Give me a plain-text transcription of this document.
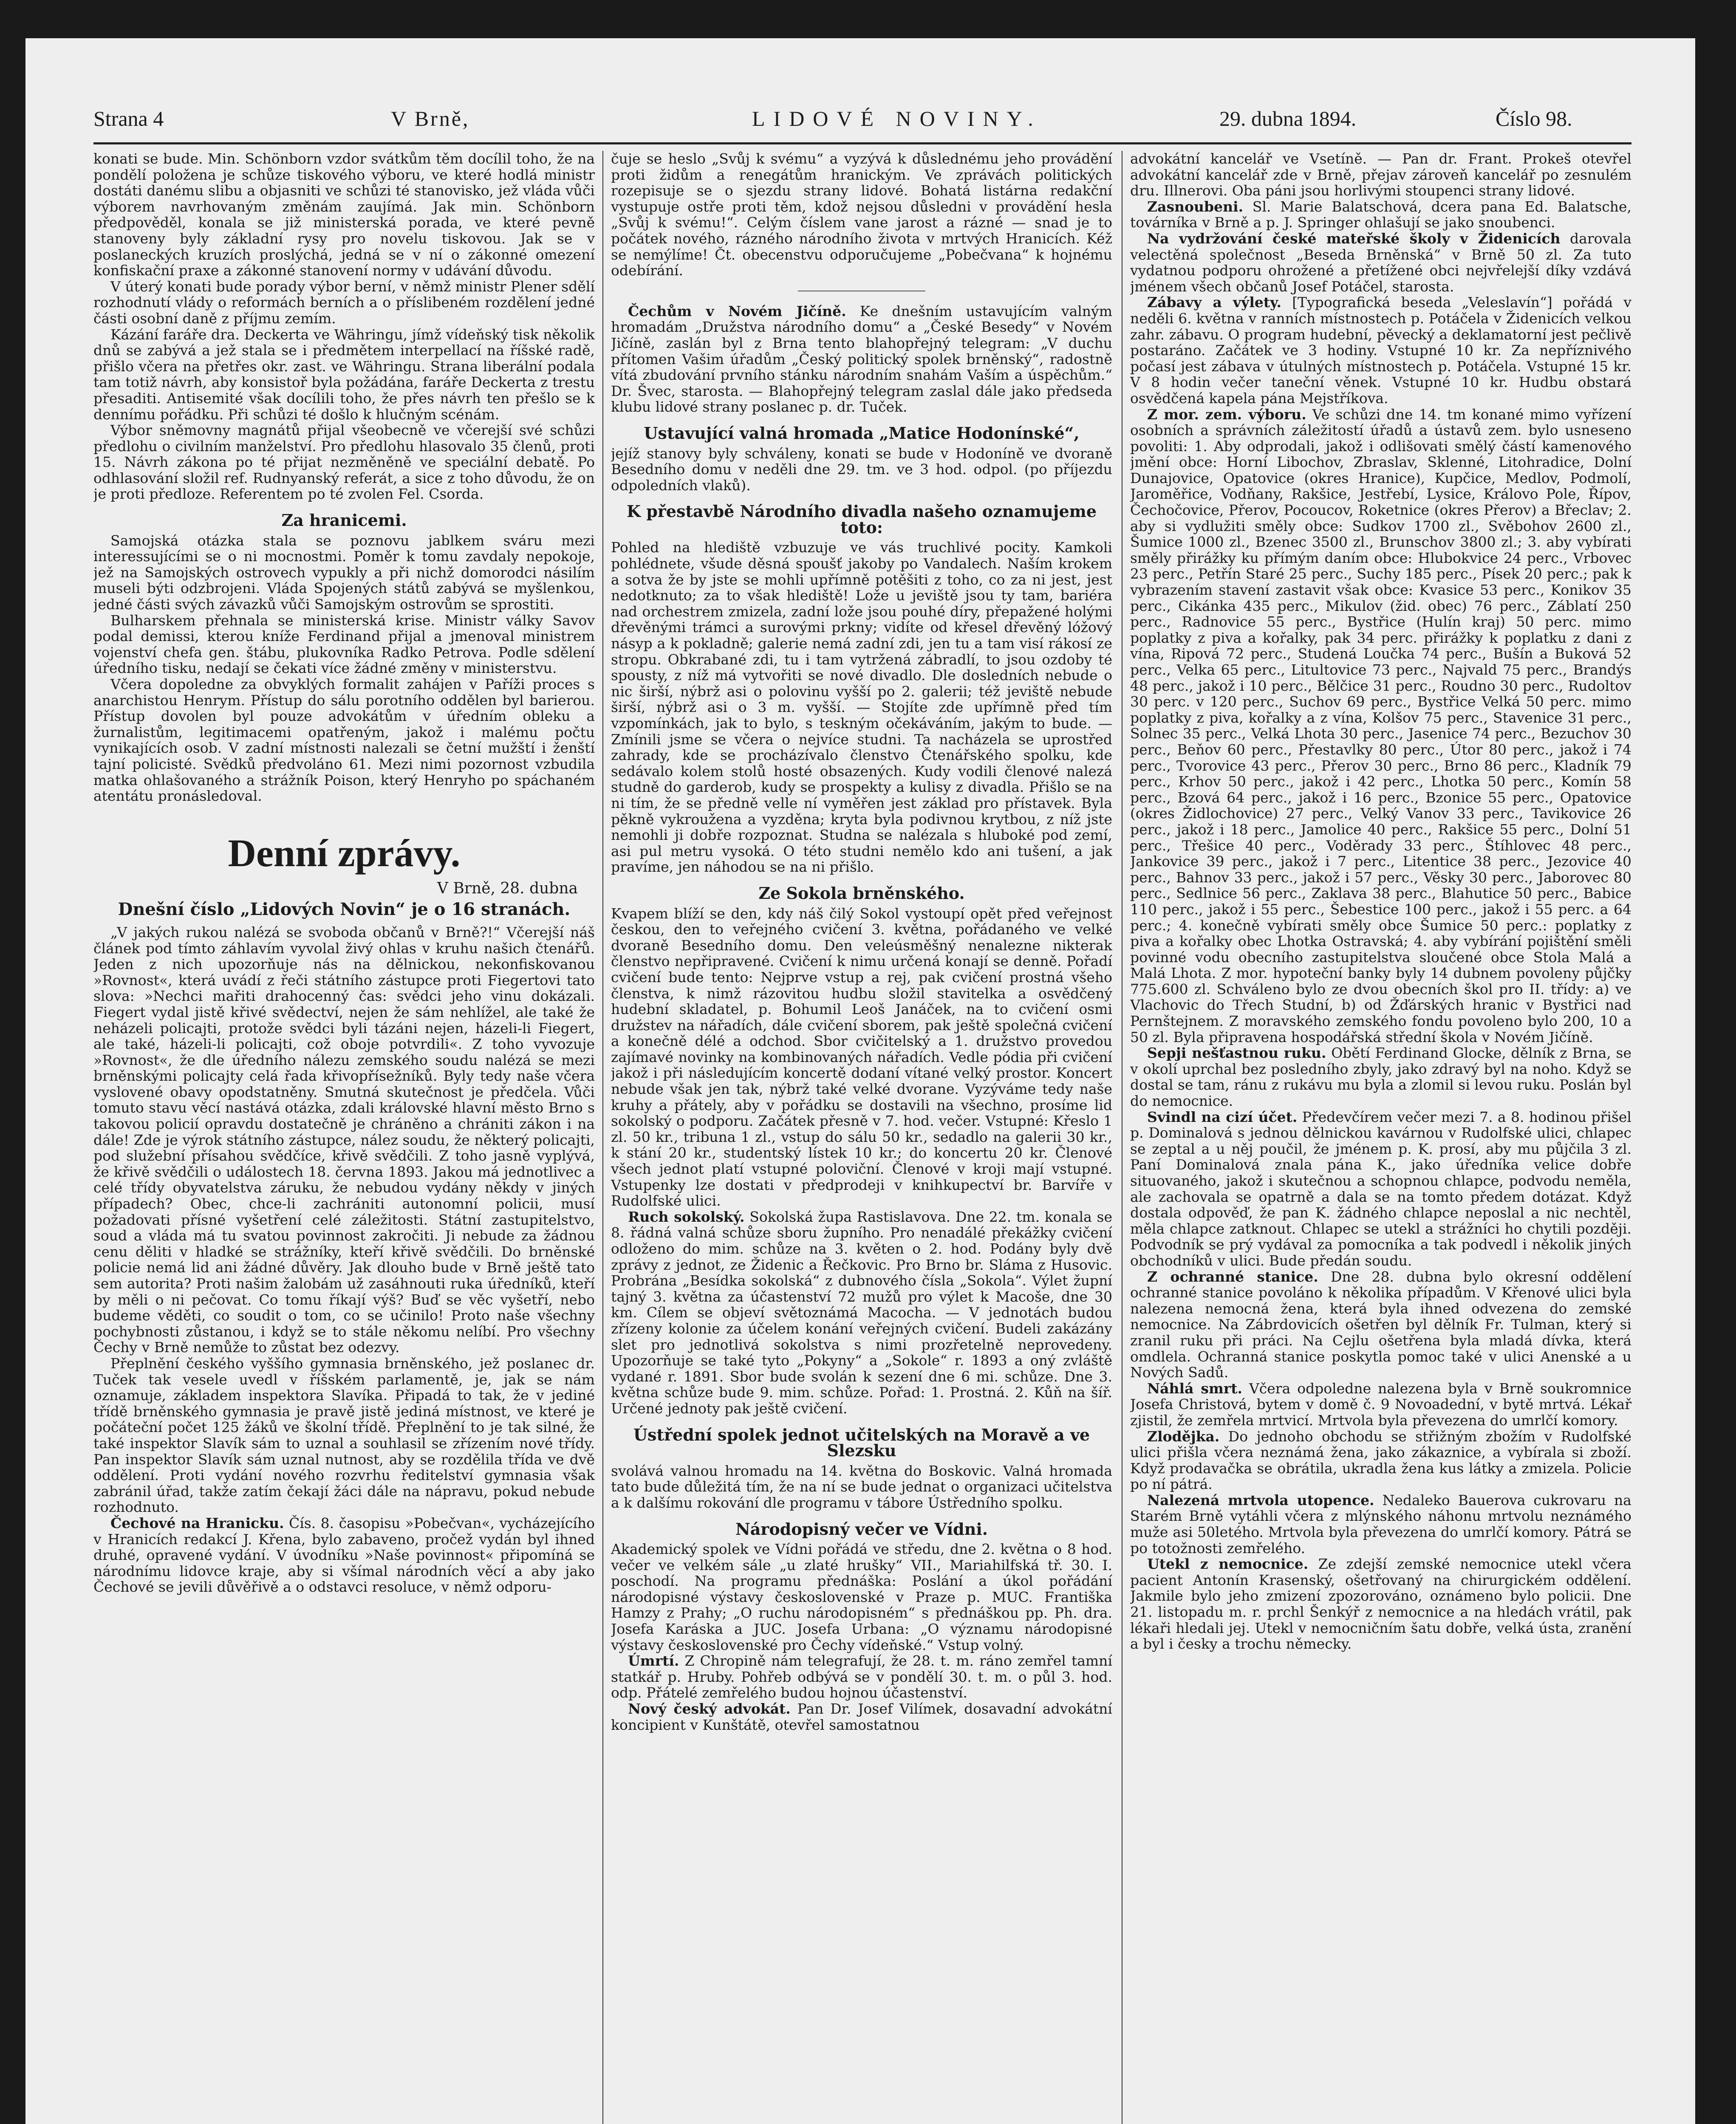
Strana 4	V Brně,	LIDOVÉ NOVINY.	29. dubna 1894.	Číslo 98.

konati se bude. Min. Schönborn vzdor svátkům těm docílil toho, že na pondělí položena je schůze tiskového výboru, ve které hodlá ministr dostáti danému slibu a objasniti ve schůzi té stanovisko, jež vláda vůči výborem navrhovaným změnám zaujímá. Jak min. Schönborn předpověděl, konala se již ministerská porada, ve které pevně stanoveny byly základní rysy pro novelu tiskovou. Jak se v poslaneckých kruzích proslýchá, jedná se v ní o zákonné omezení konfiskační praxe a zákonné stanovení normy v udávání důvodu.

V úterý konati bude porady výbor berní, v němž ministr Plener sdělí rozhodnutí vlády o reformách berních a o příslibeném rozdělení jedné části osobní daně z příjmu zemím.

Kázání faráře dra. Deckerta ve Währingu, jímž vídeňský tisk několik dnů se zabývá a jež stala se i předmětem interpellací na říšské radě, přišlo včera na přetřes okr. zast. ve Währingu. Strana liberální podala tam totiž návrh, aby konsistoř byla požádána, faráře Deckerta z trestu přesaditi. Antisemité však docílili toho, že přes návrh ten přešlo se k dennímu pořádku. Při schůzi té došlo k hlučným scénám.

Výbor sněmovny magnátů přijal všeobecně ve včerejší své schůzi předlohu o civilním manželství. Pro předlohu hlasovalo 35 členů, proti 15. Návrh zákona po té přijat nezměněně ve speciální debatě. Po odhlasování složil ref. Rudnyanský referát, a sice z toho důvodu, že on je proti předloze. Referentem po té zvolen Fel. Csorda.

Za hranicemi.

Samojská otázka stala se poznovu jablkem sváru mezi interessujícími se o ni mocnostmi. Poměr k tomu zavdaly nepokoje, jež na Samojských ostrovech vypukly a při nichž domorodci násilím museli býti odzbrojeni. Vláda Spojených států zabývá se myšlenkou, jedné části svých závazků vůči Samojským ostrovům se sprostiti.

Bulharskem přehnala se ministerská krise. Ministr války Savov podal demissi, kterou kníže Ferdinand přijal a jmenoval ministrem vojenství chefa gen. štábu, plukovníka Radko Petrova. Podle sdělení úředního tisku, nedají se čekati více žádné změny v ministerstvu.

Včera dopoledne za obvyklých formalit zahájen v Paříži proces s anarchistou Henrym. Přístup do sálu porotního oddělen byl barierou. Přístup dovolen byl pouze advokátům v úředním obleku a žurnalistům, legitimacemi opatřeným, jakož i malému počtu vynikajících osob. V zadní místnosti nalezali se četní mužští i ženští tajní policisté. Svědků předvoláno 61. Mezi nimi pozornost vzbudila matka ohlašovaného a strážník Poison, který Henryho po spáchaném atentátu pronásledoval.

Denní zprávy.
V Brně, 28. dubna
Dnešní číslo „Lidových Novin“ je o 16 stranách.

„V jakých rukou nalézá se svoboda občanů v Brně?!“ Včerejší náš článek pod tímto záhlavím vyvolal živý ohlas v kruhu našich čtenářů. Jeden z nich upozorňuje nás na dělnickou, nekonfiskovanou »Rovnost«, která uvádí z řeči státního zástupce proti Fiegertovi tato slova: »Nechci mařiti drahocenný čas: svědci jeho vinu dokázali. Fiegert vydal jistě křivé svědectví, nejen že sám nehlížel, ale také že neházeli policajti, protože svědci byli tázáni nejen, házeli-li Fiegert, ale také, házeli-li policajti, což oboje potvrdili«. Z toho vyvozuje »Rovnost«, že dle úředního nálezu zemského soudu nalézá se mezi brněnskými policajty celá řada křivopřísežníků. Byly tedy naše včera vyslovené obavy opodstatněny. Smutná skutečnost je předčela. Vůči tomuto stavu věcí nastává otázka, zdali královské hlavní město Brno s takovou policií opravdu dostatečně je chráněno a chrániti zákon i na dále! Zde je výrok státního zástupce, nález soudu, že některý policajti, pod služební přísahou svědčíce, křivě svědčili. Z toho jasně vyplývá, že křivě svědčili o událostech 18. června 1893. Jakou má jednotlivec a celé třídy obyvatelstva záruku, že nebudou vydány někdy v jiných případech? Obec, chce-li zachrániti autonomní policii, musí požadovati přísné vyšetření celé záležitosti. Státní zastupitelstvo, soud a vláda má tu svatou povinnost zakročiti. Ji nebude za žádnou cenu děliti v hladké se strážníky, kteří křivě svědčili. Do brněnské policie nemá lid ani žádné důvěry. Jak dlouho bude v Brně ještě tato sem autorita? Proti našim žalobám už zasáhnouti ruka úředníků, kteří by měli o ni pečovat. Co tomu říkají výš? Buď se věc vyšetří, nebo budeme věděti, co soudit o tom, co se učinilo! Proto naše všechny pochybnosti zůstanou, i když se to stále někomu nelíbí. Pro všechny Čechy v Brně nemůže to zůstat bez odezvy.

Přeplnění českého vyššího gymnasia brněnského, jež poslanec dr. Tuček tak vesele uvedl v říšském parlamentě, je, jak se nám oznamuje, základem inspektora Slavíka. Připadá to tak, že v jediné třídě brněnského gymnasia je pravě jistě jediná místnost, ve které je počáteční počet 125 žáků ve školní třídě. Přeplnění to je tak silné, že také inspektor Slavík sám to uznal a souhlasil se zřízením nové třídy. Pan inspektor Slavík sám uznal nutnost, aby se rozdělila třída ve dvě oddělení. Proti vydání nového rozvrhu ředitelství gymnasia však zabránil úřad, takže zatím čekají žáci dále na nápravu, pokud nebude rozhodnuto.

Čechové na Hranicku. Čís. 8. časopisu »Pobečvan«, vycházejícího v Hranicích redakcí J. Křena, bylo zabaveno, pročež vydán byl ihned druhé, opravené vydání. V úvodníku »Naše povinnost« připomíná se národnímu lidovce kraje, aby si všímal národních věcí a aby jako Čechové se jevili důvěřivě a o odstavci resoluce, v němž odporu-

čuje se heslo „Svůj k svému“ a vyzývá k důslednému jeho provádění proti židům a renegátům hranickým. Ve zprávách politických rozepisuje se o sjezdu strany lidové. Bohatá listárna redakční vystupuje ostře proti těm, kdož nejsou důsledni v provádění hesla „Svůj k svému!“. Celým číslem vane jarost a rázné — snad je to počátek nového, rázného národního života v mrtvých Hranicích. Kéž se nemýlíme! Čt. obecenstvu odporučujeme „Pobečvana“ k hojnému odebírání.

Čechům v Novém Jičíně. Ke dnešním ustavujícím valným hromadám „Družstva národního domu“ a „České Besedy“ v Novém Jičíně, zaslán byl z Brna tento blahopřejný telegram: „V duchu přítomen Vašim úřadům „Český politický spolek brněnský“, radostně vítá zbudování prvního stánku národním snahám Vaším a úspěchům.“ Dr. Švec, starosta. — Blahopřejný telegram zaslal dále jako předseda klubu lidové strany poslanec p. dr. Tuček.

Ustavující valná hromada „Matice Hodonínské“,

jejíž stanovy byly schváleny, konati se bude v Hodoníně ve dvoraně Besedního domu v neděli dne 29. tm. ve 3 hod. odpol. (po příjezdu odpoledních vlaků).

K přestavbě Národního divadla našeho oznamujeme toto:

Pohled na hlediště vzbuzuje ve vás truchlivé pocity. Kamkoli pohlédnete, všude děsná spoušť jakoby po Vandalech. Naším krokem a sotva že by jste se mohli upřímně potěšiti z toho, co za ni jest, jest nedotknuto; za to však hlediště! Lože u jeviště jsou ty tam, bariéra nad orchestrem zmizela, zadní lože jsou pouhé díry, přepažené holými dřevěnými trámci a surovými prkny; vidíte od křesel dřevěný lóžový násyp a k pokladně; galerie nemá zadní zdi, jen tu a tam visí rákosí ze stropu. Obkrabané zdi, tu i tam vytržená zábradlí, to jsou ozdoby té spousty, z níž má vytvořiti se nové divadlo. Dle dosledních nebude o nic širší, nýbrž asi o polovinu vyšší po 2. galerii; též jeviště nebude širší, nýbrž asi o 3 m. vyšší. — Stojíte zde upřímně před tím vzpomínkách, jak to bylo, s teskným očekáváním, jakým to bude. — Zmínili jsme se včera o nejvíce studni. Ta nacházela se uprostřed zahrady, kde se procházívalo členstvo Čtenářského spolku, kde sedávalo kolem stolů hosté obsazených. Kudy vodili členové nalezá studně do garderob, kudy se prospekty a kulisy z divadla. Přišlo se na ni tím, že se předně velle ní vyměřen jest základ pro přístavek. Byla pěkně vykroužena a vyzděna; kryta byla podivnou krytbou, z níž jste nemohli ji dobře rozpoznat. Studna se nalézala s hluboké pod zemí, asi pul metru vysoká. O této studni nemělo kdo ani tušení, a jak pravíme, jen náhodou se na ni přišlo.

Ze Sokola brněnského.

Kvapem blíží se den, kdy náš čilý Sokol vystoupí opět před veřejnost českou, den to veřejného cvičení 3. května, pořádaného ve velké dvoraně Besedního domu. Den veleúsměšný nenalezne nikterak členstvo nepřipravené. Cvičení k nimu určená konají se denně. Pořadí cvičení bude tento: Nejprve vstup a rej, pak cvičení prostná všeho členstva, k nimž rázovitou hudbu složil stavitelka a osvědčený hudební skladatel, p. Bohumil Leoš Janáček, na to cvičení osmi družstev na nářadích, dále cvičení sborem, pak ještě společná cvičení a konečně délé a odchod. Sbor cvičitelský a 1. družstvo provedou zajímavé novinky na kombinovaných nářadích. Vedle pódia při cvičení jakož i při následujícím koncertě dodaní vítané velký prostor. Koncert nebude však jen tak, nýbrž také velké dvorane. Vyzýváme tedy naše kruhy a přátely, aby v pořádku se dostavili na všechno, prosíme lid sokolský o podporu. Začátek přesně v 7. hod. večer. Vstupné: Křeslo 1 zl. 50 kr., tribuna 1 zl., vstup do sálu 50 kr., sedadlo na galerii 30 kr., k stání 20 kr., studentský lístek 10 kr.; do koncertu 20 kr. Členové všech jednot platí vstupné poloviční. Členové v kroji mají vstupné. Vstupenky lze dostati v předprodeji v knihkupectví br. Barvíře v Rudolfské ulici.

Ruch sokolský. Sokolská župa Rastislavova. Dne 22. tm. konala se 8. řádná valná schůze sboru župního. Pro nenadálé překážky cvičení odloženo do mim. schůze na 3. květen o 2. hod. Podány byly dvě zprávy z jednot, ze Židenic a Řečkovic. Pro Brno br. Sláma z Husovic. Probrána „Besídka sokolská“ z dubnového čísla „Sokola“. Výlet župní tajný 3. května za účastenství 72 mužů pro výlet k Macoše, dne 30 km. Cílem se objeví světoznámá Macocha. — V jednotách budou zřízeny kolonie za účelem konání veřejných cvičení. Budeli zakázány slet pro jednotlivá sokolstva s nimi prozřetelně neprovedeny. Upozorňuje se také tyto „Pokyny“ a „Sokole“ r. 1893 a oný zvláště vydané r. 1891. Sbor bude svolán k sezení dne 6 mi. schůze. Dne 3. května schůze bude 9. mim. schůze. Pořad: 1. Prostná. 2. Kůň na šíř. Určené jednoty pak ještě cvičení.

Ústřední spolek jednot učitelských na Moravě a ve Slezsku

svolává valnou hromadu na 14. května do Boskovic. Valná hromada tato bude důležitá tím, že na ní se bude jednat o organizaci učitelstva a k dalšímu rokování dle programu v tábore Ústředního spolku.

Národopisný večer ve Vídni.

Akademický spolek ve Vídni pořádá ve středu, dne 2. května o 8 hod. večer ve velkém sále „u zlaté hrušky“ VII., Mariahilfská tř. 30. I. poschodí. Na programu přednáška: Poslání a úkol pořádání národopisné výstavy československé v Praze p. MUC. Františka Hamzy z Prahy; „O ruchu národopisném“ s přednáškou pp. Ph. dra. Josefa Karáska a JUC. Josefa Urbana: „O významu národopisné výstavy československé pro Čechy vídeňské.“ Vstup volný.

Úmrtí. Z Chropině nám telegrafují, že 28. t. m. ráno zemřel tamní statkář p. Hruby. Pohřeb odbývá se v pondělí 30. t. m. o půl 3. hod. odp. Přátelé zemřelého budou hojnou účastenství.

Nový český advokát. Pan Dr. Josef Vilímek, dosavadní advokátní koncipient v Kunštátě, otevřel samostatnou

advokátní kancelář ve Vsetíně. — Pan dr. Frant. Prokeš otevřel advokátní kancelář zde v Brně, přejav zároveň kancelář po zesnulém dru. Illnerovi. Oba páni jsou horlivými stoupenci strany lidové.

Zasnoubeni. Sl. Marie Balatschová, dcera pana Ed. Balatsche, továrníka v Brně a p. J. Springer ohlašují se jako snoubenci.

Na vydržování české mateřské školy v Židenicích darovala velectěná společnost „Beseda Brněnská“ v Brně 50 zl. Za tuto vydatnou podporu ohrožené a přetížené obci nejvřelejší díky vzdává jménem všech občanů Josef Potáčel, starosta.

Zábavy a výlety. [Typografická beseda „Veleslavín“] pořádá v neděli 6. května v ranních místnostech p. Potáčela v Židenicích velkou zahr. zábavu. O program hudební, pěvecký a deklamatorní jest pečlivě postaráno. Začátek ve 3 hodiny. Vstupné 10 kr. Za nepříznivého počasí jest zábava v útulných místnostech p. Potáčela. Vstupné 15 kr. V 8 hodin večer taneční věnek. Vstupné 10 kr. Hudbu obstará osvědčená kapela pána Mejstříkova.

Z mor. zem. výboru. Ve schůzi dne 14. tm konané mimo vyřízení osobních a správních záležitostí úřadů a ústavů zem. bylo usneseno povoliti: 1. Aby odprodali, jakož i odlišovati smělý částí kamenového jmění obce: Horní Libochov, Zbraslav, Sklenné, Litohradice, Dolní Dunajovice, Opatovice (okres Hranice), Kupčice, Medlov, Podmolí, Jaroměřice, Vodňany, Rakšice, Jestřebí, Lysice, Královo Pole, Řípov, Čechočovice, Přerov, Pocoucov, Roketnice (okres Přerov) a Břeclav; 2. aby si vydlužiti směly obce: Sudkov 1700 zl., Svěbohov 2600 zl., Šumice 1000 zl., Bzenec 3500 zl., Brunschov 3800 zl.; 3. aby vybírati směly přirážky ku přímým daním obce: Hlubokvice 24 perc., Vrbovec 23 perc., Petřín Staré 25 perc., Suchy 185 perc., Písek 20 perc.; pak k vybrazením stavení zastavit však obce: Kvasice 53 perc., Konikov 35 perc., Cikánka 435 perc., Mikulov (žid. obec) 76 perc., Záblatí 250 perc., Radnovice 55 perc., Bystřice (Hulín kraj) 50 perc. mimo poplatky z piva a kořalky, pak 34 perc. přirážky k poplatku z dani z vína, Ripová 72 perc., Studená Loučka 74 perc., Bušín a Buková 52 perc., Velka 65 perc., Litultovice 73 perc., Najvald 75 perc., Brandýs 48 perc., jakož i 10 perc., Bělčice 31 perc., Roudno 30 perc., Rudoltov 30 perc. v 120 perc., Suchov 69 perc., Bystřice Velká 50 perc. mimo poplatky z piva, kořalky a z vína, Kolšov 75 perc., Stavenice 31 perc., Solnec 35 perc., Velká Lhota 30 perc., Jasenice 74 perc., Bezuchov 30 perc., Beňov 60 perc., Přestavlky 80 perc., Útor 80 perc., jakož i 74 perc., Tvorovice 43 perc., Přerov 30 perc., Brno 86 perc., Kladník 79 perc., Krhov 50 perc., jakož i 42 perc., Lhotka 50 perc., Komín 58 perc., Bzová 64 perc., jakož i 16 perc., Bzonice 55 perc., Opatovice (okres Židlochovice) 27 perc., Velký Vanov 33 perc., Tavikovice 26 perc., jakož i 18 perc., Jamolice 40 perc., Rakšice 55 perc., Dolní 51 perc., Třešice 40 perc., Voděrady 33 perc., Štíhlovec 48 perc., Jankovice 39 perc., jakož i 7 perc., Litentice 38 perc., Jezovice 40 perc., Bahnov 33 perc., jakož i 57 perc., Věsky 30 perc., Jaborovec 80 perc., Sedlnice 56 perc., Zaklava 38 perc., Blahutice 50 perc., Babice 110 perc., jakož i 55 perc., Šebestice 100 perc., jakož i 55 perc. a 64 perc.; 4. konečně vybírati směly obce Šumice 50 perc.: poplatky z piva a kořalky obec Lhotka Ostravská; 4. aby vybírání pojištění směli povinné vodu obecního zastupitelstva sloučené obce Stola Malá a Malá Lhota. Z mor. hypoteční banky byly 14 dubnem povoleny půjčky 775.600 zl. Schváleno bylo ze dvou obecních škol pro II. třídy: a) ve Vlachovic do Třech Studní, b) od Žďárských hranic v Bystřici nad Pernštejnem. Z moravského zemského fondu povoleno bylo 200, 10 a 50 zl. Byla připravena hospodářská střední škola v Novém Jičíně.

Sepji nešťastnou ruku. Obětí Ferdinand Glocke, dělník z Brna, se v okolí uprchal bez posledního zbyly, jako zdravý byl na noho. Když se dostal se tam, ránu z rukávu mu byla a zlomil si levou ruku. Poslán byl do nemocnice.

Svindl na cizí účet. Předevčírem večer mezi 7. a 8. hodinou přišel p. Dominalová s jednou dělnickou kavárnou v Rudolfské ulici, chlapec se zeptal a u něj poučil, že jménem p. K. prosí, aby mu půjčila 3 zl. Paní Dominalová znala pána K., jako úředníka velice dobře situovaného, jakož i skutečnou a schopnou chlapce, podvodu neměla, ale zachovala se opatrně a dala se na tomto předem dotázat. Když dostala odpověď, že pan K. žádného chlapce neposlal a nic nechtěl, měla chlapce zatknout. Chlapec se utekl a strážníci ho chytili později. Podvodník se prý vydával za pomocníka a tak podvedl i několik jiných obchodníků v ulici. Bude předán soudu.

Z ochranné stanice. Dne 28. dubna bylo okresní oddělení ochranné stanice povoláno k několika případům. V Křenové ulici byla nalezena nemocná žena, která byla ihned odvezena do zemské nemocnice. Na Zábrdovicích ošetřen byl dělník Fr. Tulman, který si zranil ruku při práci. Na Cejlu ošetřena byla mladá dívka, která omdlela. Ochranná stanice poskytla pomoc také v ulici Anenské a u Nových Sadů.

Náhlá smrt. Včera odpoledne nalezena byla v Brně soukromnice Josefa Christová, bytem v domě č. 9 Novoadední, v bytě mrtvá. Lékař zjistil, že zemřela mrtvicí. Mrtvola byla převezena do umrlčí komory.

Zlodějka. Do jednoho obchodu se střižným zbožím v Rudolfské ulici přišla včera neznámá žena, jako zákaznice, a vybírala si zboží. Když prodavačka se obrátila, ukradla žena kus látky a zmizela. Policie po ní pátrá.

Nalezená mrtvola utopence. Nedaleko Bauerova cukrovaru na Starém Brně vytáhli včera z mlýnského náhonu mrtvolu neznámého muže asi 50letého. Mrtvola byla převezena do umrlčí komory. Pátrá se po totožnosti zemřelého.

Utekl z nemocnice. Ze zdejší zemské nemocnice utekl včera pacient Antonín Krasenský, ošetřovaný na chirurgickém oddělení. Jakmile bylo jeho zmizení zpozorováno, oznámeno bylo policii. Dne 21. listopadu m. r. prchl Šenkýř z nemocnice a na hledách vrátil, pak lékaři hledali jej. Utekl v nemocničním šatu dobře, velká ústa, zranění a byl i česky a trochu německy.
